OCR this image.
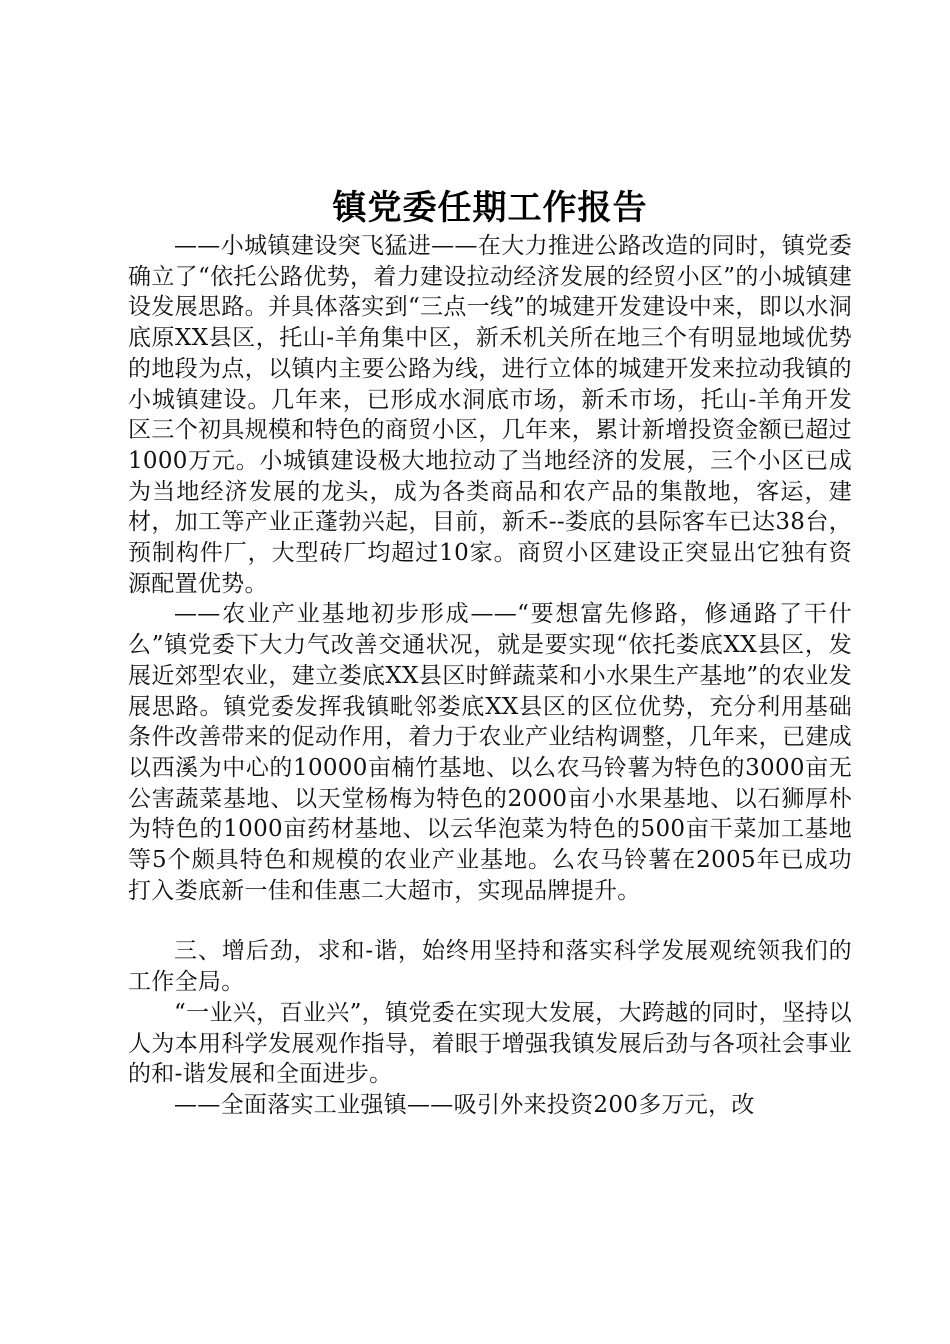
镇党委任期工作报告

——小城镇建设突飞猛进——在大力推进公路改造的同时，镇党委确立了“依托公路优势，着力建设拉动经济发展的经贸小区”的小城镇建设发展思路。并具体落实到“三点一线”的城建开发建设中来，即以水洞底原XX县区，托山-羊角集中区，新禾机关所在地三个有明显地域优势的地段为点，以镇内主要公路为线，进行立体的城建开发来拉动我镇的小城镇建设。几年来，已形成水洞底市场，新禾市场，托山-羊角开发区三个初具规模和特色的商贸小区，几年来，累计新增投资金额已超过1000万元。小城镇建设极大地拉动了当地经济的发展，三个小区已成为当地经济发展的龙头，成为各类商品和农产品的集散地，客运，建材，加工等产业正蓬勃兴起，目前，新禾--娄底的县际客车已达38台，预制构件厂，大型砖厂均超过10家。商贸小区建设正突显出它独有资源配置优势。

——农业产业基地初步形成——“要想富先修路，修通路了干什么”镇党委下大力气改善交通状况，就是要实现“依托娄底XX县区，发展近郊型农业，建立娄底XX县区时鲜蔬菜和小水果生产基地”的农业发展思路。镇党委发挥我镇毗邻娄底XX县区的区位优势，充分利用基础条件改善带来的促动作用，着力于农业产业结构调整，几年来，已建成以西溪为中心的10000亩楠竹基地、以么农马铃薯为特色的3000亩无公害蔬菜基地、以天堂杨梅为特色的2000亩小水果基地、以石狮厚朴为特色的1000亩药材基地、以云华泡菜为特色的500亩干菜加工基地等5个颇具特色和规模的农业产业基地。么农马铃薯在2005年已成功打入娄底新一佳和佳惠二大超市，实现品牌提升。

三、增后劲，求和-谐，始终用坚持和落实科学发展观统领我们的工作全局。

“一业兴，百业兴”，镇党委在实现大发展，大跨越的同时，坚持以人为本用科学发展观作指导，着眼于增强我镇发展后劲与各项社会事业的和-谐发展和全面进步。

——全面落实工业强镇——吸引外来投资200多万元，改
